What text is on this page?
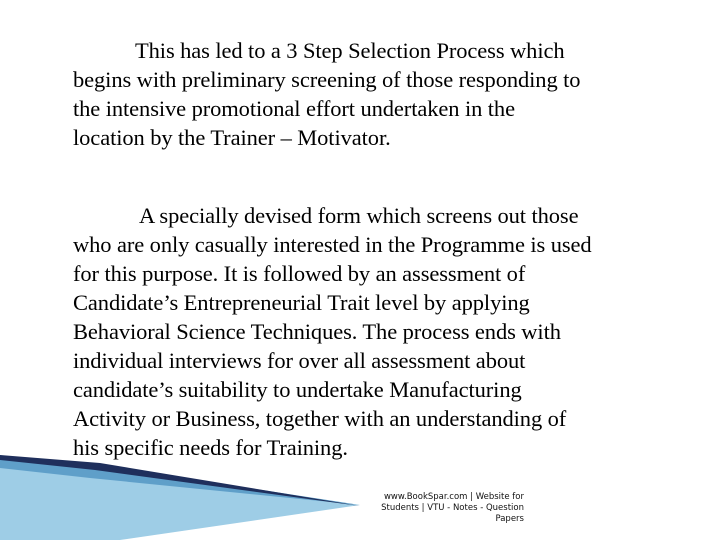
This has led to a 3 Step Selection Process which
begins with preliminary screening of those responding to
the intensive promotional effort undertaken in the
location by the Trainer – Motivator.
A specially devised form which screens out those
who are only casually interested in the Programme is used
for this purpose. It is followed by an assessment of
Candidate’s Entrepreneurial Trait level by applying
Behavioral Science Techniques. The process ends with
individual interviews for over all assessment about
candidate’s suitability to undertake Manufacturing
Activity or Business, together with an understanding of
his specific needs for Training.
www.BookSpar.com | Website for
Students | VTU - Notes - Question
Papers
